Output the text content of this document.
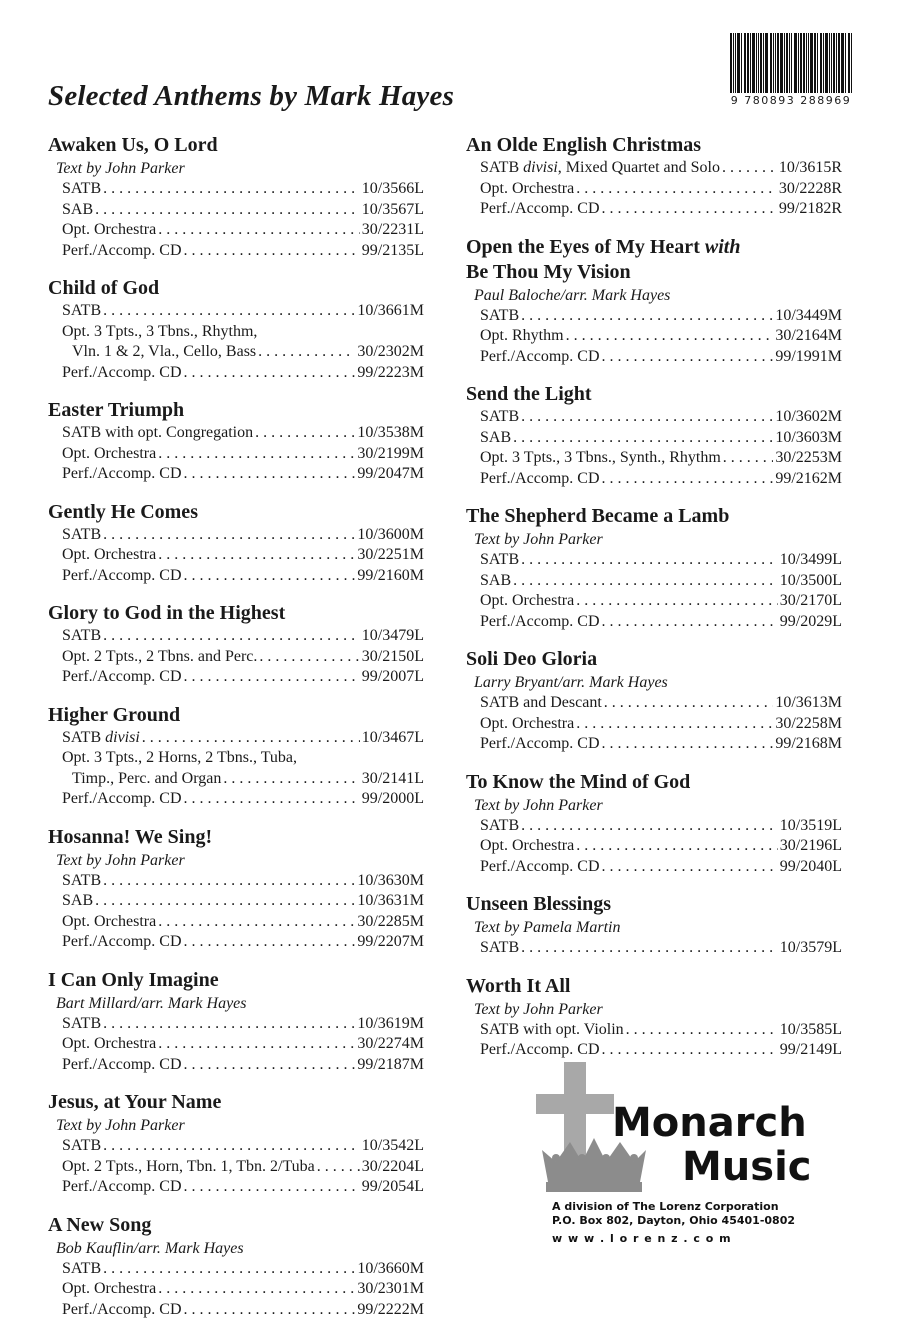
Selected Anthems by Mark Hayes	9 780893 288969
Awaken Us, O Lord
Text by John Parker
SATB . . .	10/3566L
SAB . . .	10/3567L
Opt. Orchestra . . .	30/2231L
Perf./Accomp. CD . . .	99/2135L
Child of God
SATB . . .	10/3661M
Opt. 3 Tpts., 3 Tbns., Rhythm,
Vln. 1 & 2, Vla., Cello, Bass . . .	30/2302M
Perf./Accomp. CD . . .	99/2223M
Easter Triumph
SATB with opt. Congregation . . .	10/3538M
Opt. Orchestra . . .	30/2199M
Perf./Accomp. CD . . .	99/2047M
Gently He Comes
SATB . . .	10/3600M
Opt. Orchestra . . .	30/2251M
Perf./Accomp. CD . . .	99/2160M
Glory to God in the Highest
SATB . . .	10/3479L
Opt. 2 Tpts., 2 Tbns. and Perc. . . .	30/2150L
Perf./Accomp. CD . . .	99/2007L
Higher Ground
SATB divisi . . .	10/3467L
Opt. 3 Tpts., 2 Horns, 2 Tbns., Tuba,
Timp., Perc. and Organ . . .	30/2141L
Perf./Accomp. CD . . .	99/2000L
Hosanna! We Sing!
Text by John Parker
SATB . . .	10/3630M
SAB . . .	10/3631M
Opt. Orchestra . . .	30/2285M
Perf./Accomp. CD . . .	99/2207M
I Can Only Imagine
Bart Millard/arr. Mark Hayes
SATB . . .	10/3619M
Opt. Orchestra . . .	30/2274M
Perf./Accomp. CD . . .	99/2187M
Jesus, at Your Name
Text by John Parker
SATB . . .	10/3542L
Opt. 2 Tpts., Horn, Tbn. 1, Tbn. 2/Tuba . . .	30/2204L
Perf./Accomp. CD . . .	99/2054L
A New Song
Bob Kauflin/arr. Mark Hayes
SATB . . .	10/3660M
Opt. Orchestra . . .	30/2301M
Perf./Accomp. CD . . .	99/2222M
An Olde English Christmas
SATB divisi, Mixed Quartet and Solo . . .	10/3615R
Opt. Orchestra . . .	30/2228R
Perf./Accomp. CD . . .	99/2182R
Open the Eyes of My Heart with
Be Thou My Vision
Paul Baloche/arr. Mark Hayes
SATB . . .	10/3449M
Opt. Rhythm . . .	30/2164M
Perf./Accomp. CD . . .	99/1991M
Send the Light
SATB . . .	10/3602M
SAB . . .	10/3603M
Opt. 3 Tpts., 3 Tbns., Synth., Rhythm . . .	30/2253M
Perf./Accomp. CD . . .	99/2162M
The Shepherd Became a Lamb
Text by John Parker
SATB . . .	10/3499L
SAB . . .	10/3500L
Opt. Orchestra . . .	30/2170L
Perf./Accomp. CD . . .	99/2029L
Soli Deo Gloria
Larry Bryant/arr. Mark Hayes
SATB and Descant . . .	10/3613M
Opt. Orchestra . . .	30/2258M
Perf./Accomp. CD . . .	99/2168M
To Know the Mind of God
Text by John Parker
SATB . . .	10/3519L
Opt. Orchestra . . .	30/2196L
Perf./Accomp. CD . . .	99/2040L
Unseen Blessings
Text by Pamela Martin
SATB . . .	10/3579L
Worth It All
Text by John Parker
SATB with opt. Violin . . .	10/3585L
Perf./Accomp. CD . . .	99/2149L
Monarch
Music
A division of The Lorenz Corporation
P.O. Box 802, Dayton, Ohio 45401-0802
w w w . l o r e n z . c o m
